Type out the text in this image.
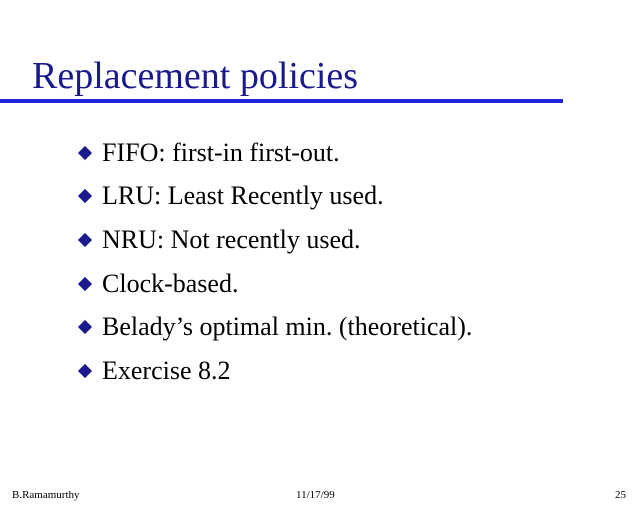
Replacement policies
FIFO: first-in first-out.
LRU: Least Recently used.
NRU: Not recently used.
Clock-based.
Belady’s optimal min. (theoretical).
Exercise 8.2
B.Ramamurthy	11/17/99	25
